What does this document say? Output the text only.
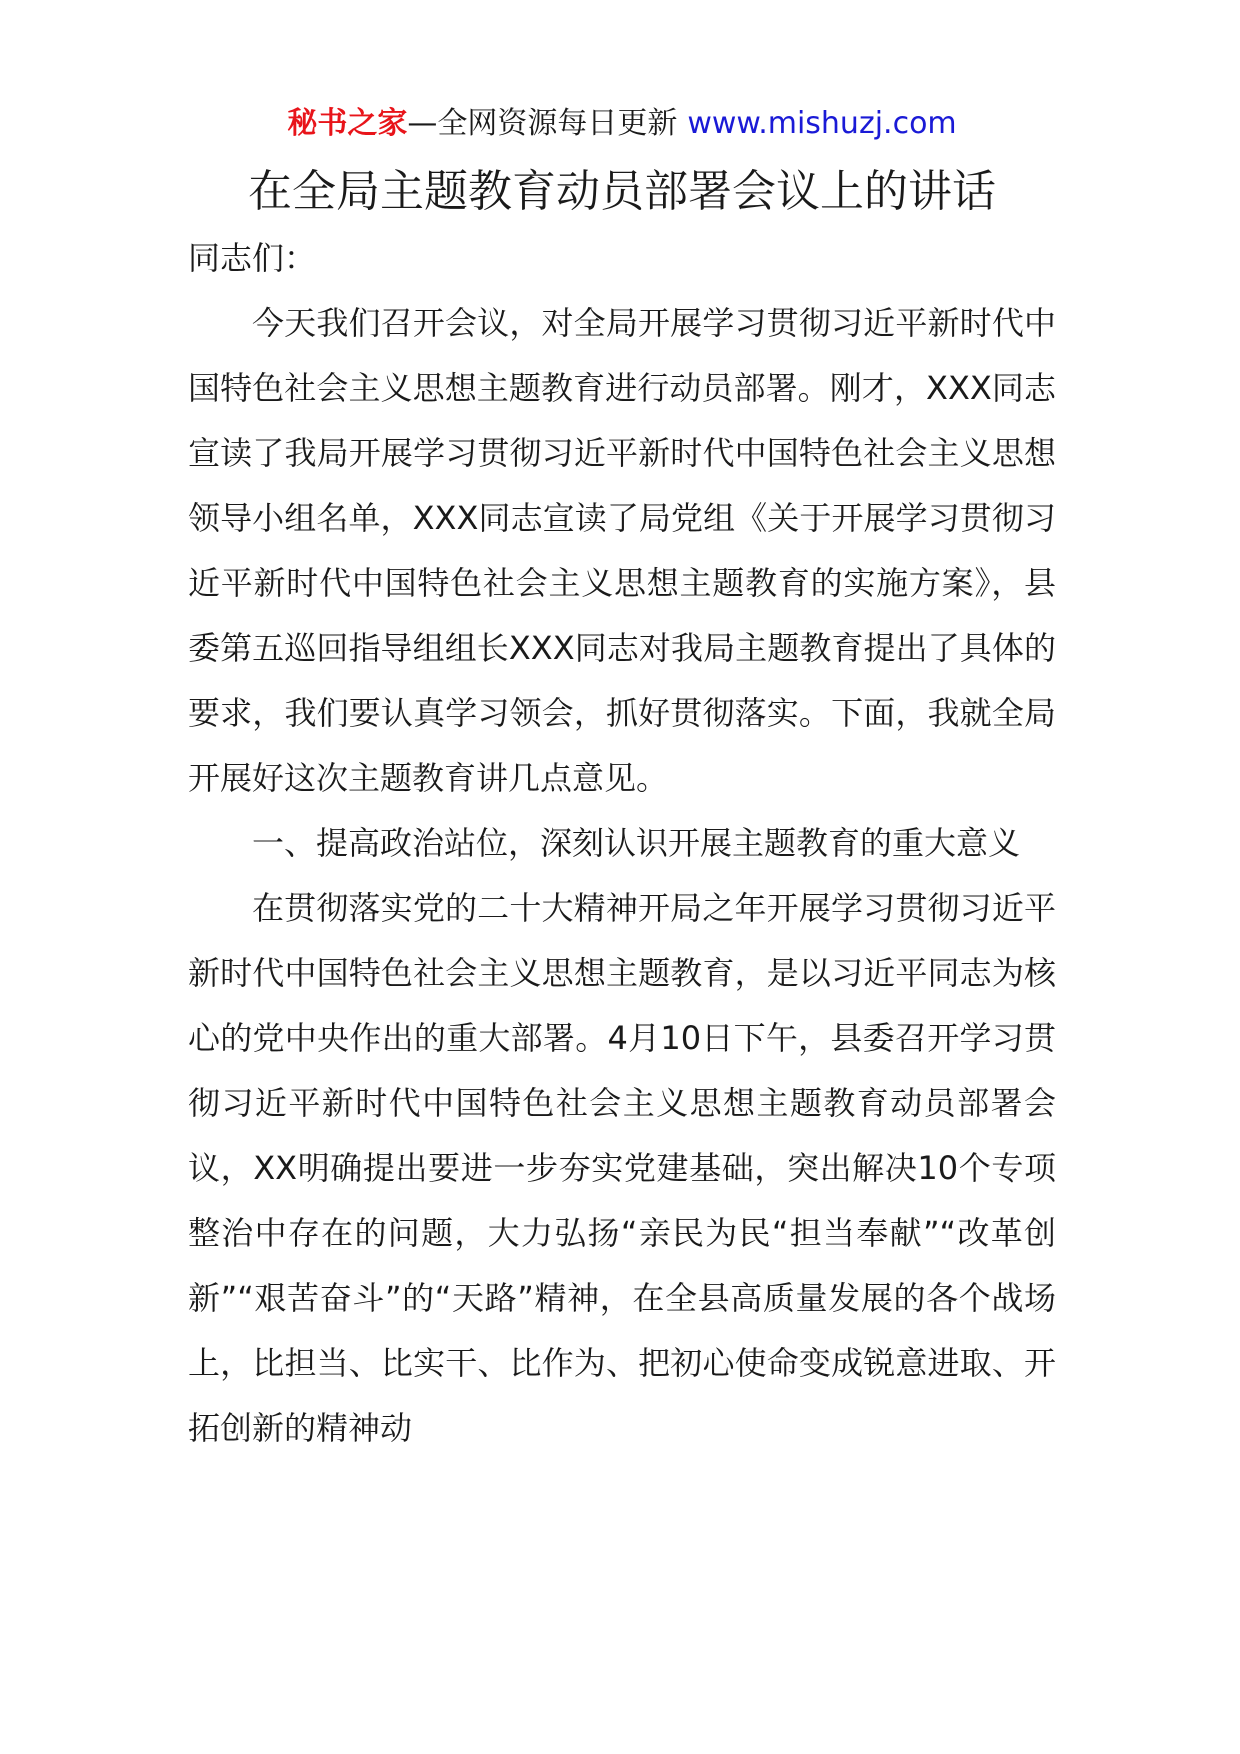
秘书之家—全网资源每日更新 www.mishuzj.com
在全局主题教育动员部署会议上的讲话

同志们：

今天我们召开会议，对全局开展学习贯彻习近平新时代中国特色社会主义思想主题教育进行动员部署。刚才，XXX同志宣读了我局开展学习贯彻习近平新时代中国特色社会主义思想领导小组名单，XXX同志宣读了局党组《关于开展学习贯彻习近平新时代中国特色社会主义思想主题教育的实施方案》，县委第五巡回指导组组长XXX同志对我局主题教育提出了具体的要求，我们要认真学习领会，抓好贯彻落实。下面，我就全局开展好这次主题教育讲几点意见。

一、提高政治站位，深刻认识开展主题教育的重大意义

在贯彻落实党的二十大精神开局之年开展学习贯彻习近平新时代中国特色社会主义思想主题教育，是以习近平同志为核心的党中央作出的重大部署。4月10日下午，县委召开学习贯彻习近平新时代中国特色社会主义思想主题教育动员部署会议，XX明确提出要进一步夯实党建基础，突出解决10个专项整治中存在的问题，大力弘扬“亲民为民“担当奉献”“改革创新”“艰苦奋斗”的“天路”精神，在全县高质量发展的各个战场上，比担当、比实干、比作为、把初心使命变成锐意进取、开拓创新的精神动
